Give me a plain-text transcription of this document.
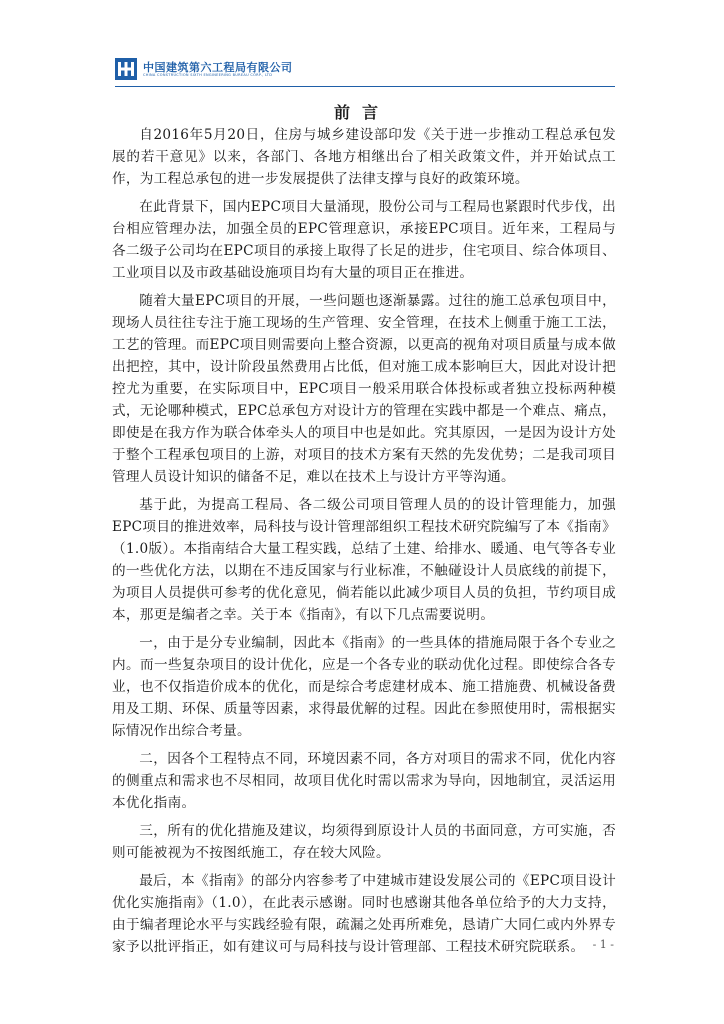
中国建筑第六工程局有限公司
CHINA CONSTRUCTION SIXTH ENGINEERING BUREAU CORP., LTD
前言

自2016年5月20日，住房与城乡建设部印发《关于进一步推动工程总承包发展的若干意见》以来，各部门、各地方相继出台了相关政策文件，并开始试点工作，为工程总承包的进一步发展提供了法律支撑与良好的政策环境。

在此背景下，国内EPC项目大量涌现，股份公司与工程局也紧跟时代步伐，出台相应管理办法，加强全员的EPC管理意识，承接EPC项目。近年来，工程局与各二级子公司均在EPC项目的承接上取得了长足的进步，住宅项目、综合体项目、工业项目以及市政基础设施项目均有大量的项目正在推进。

随着大量EPC项目的开展，一些问题也逐渐暴露。过往的施工总承包项目中，现场人员往往专注于施工现场的生产管理、安全管理，在技术上侧重于施工工法，工艺的管理。而EPC项目则需要向上整合资源，以更高的视角对项目质量与成本做出把控，其中，设计阶段虽然费用占比低，但对施工成本影响巨大，因此对设计把控尤为重要，在实际项目中，EPC项目一般采用联合体投标或者独立投标两种模式，无论哪种模式，EPC总承包方对设计方的管理在实践中都是一个难点、痛点，即使是在我方作为联合体牵头人的项目中也是如此。究其原因，一是因为设计方处于整个工程承包项目的上游，对项目的技术方案有天然的先发优势；二是我司项目管理人员设计知识的储备不足，难以在技术上与设计方平等沟通。

基于此，为提高工程局、各二级公司项目管理人员的的设计管理能力，加强EPC项目的推进效率，局科技与设计管理部组织工程技术研究院编写了本《指南》（1.0版）。本指南结合大量工程实践，总结了土建、给排水、暖通、电气等各专业的一些优化方法，以期在不违反国家与行业标准，不触碰设计人员底线的前提下，为项目人员提供可参考的优化意见，倘若能以此减少项目人员的负担，节约项目成本，那更是编者之幸。关于本《指南》，有以下几点需要说明。

一，由于是分专业编制，因此本《指南》的一些具体的措施局限于各个专业之内。而一些复杂项目的设计优化，应是一个各专业的联动优化过程。即使综合各专业，也不仅指造价成本的优化，而是综合考虑建材成本、施工措施费、机械设备费用及工期、环保、质量等因素，求得最优解的过程。因此在参照使用时，需根据实际情况作出综合考量。

二，因各个工程特点不同，环境因素不同，各方对项目的需求不同，优化内容的侧重点和需求也不尽相同，故项目优化时需以需求为导向，因地制宜，灵活运用本优化指南。

三，所有的优化措施及建议，均须得到原设计人员的书面同意，方可实施，否则可能被视为不按图纸施工，存在较大风险。

最后，本《指南》的部分内容参考了中建城市建设发展公司的《EPC项目设计优化实施指南》（1.0），在此表示感谢。同时也感谢其他各单位给予的大力支持，由于编者理论水平与实践经验有限，疏漏之处再所难免，恳请广大同仁或内外界专家予以批评指正，如有建议可与局科技与设计管理部、工程技术研究院联系。 - 1 -
